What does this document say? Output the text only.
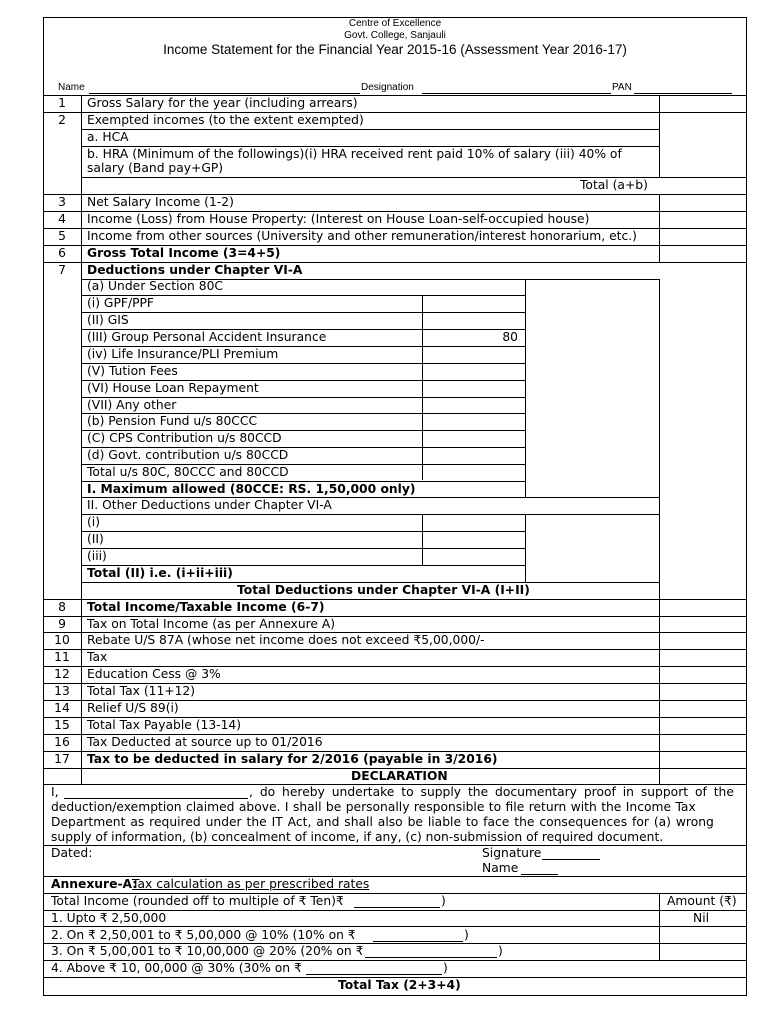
Centre of Excellence
Govt. College, Sanjauli
Income Statement for the Financial Year 2015-16 (Assessment Year 2016-17)
Name	Designation	PAN
1	Gross Salary for the year (including arrears)
2	Exempted incomes (to the extent exempted)
a. HCA
b. HRA (Minimum of the followings)(i) HRA received rent paid 10% of salary (iii) 40% of
salary (Band pay+GP)
Total (a+b)
3	Net Salary Income (1-2)
4	Income (Loss) from House Property: (Interest on House Loan-self-occupied house)
5	Income from other sources (University and other remuneration/interest honorarium, etc.)
6	Gross Total Income (3=4+5)
7	Deductions under Chapter VI-A
(a) Under Section 80C
(i) GPF/PPF
(II) GIS
(III) Group Personal Accident Insurance	80
(iv) Life Insurance/PLI Premium
(V) Tution Fees
(VI) House Loan Repayment
(VII) Any other
(b) Pension Fund u/s 80CCC
(C) CPS Contribution u/s 80CCD
(d) Govt. contribution u/s 80CCD
Total u/s 80C, 80CCC and 80CCD
I. Maximum allowed (80CCE: RS. 1,50,000 only)
II. Other Deductions under Chapter VI-A
(i)
(II)
(iii)
Total (II) i.e. (i+ii+iii)
Total Deductions under Chapter VI-A (I+II)
8	Total Income/Taxable Income (6-7)
9	Tax on Total Income (as per Annexure A)
10	Rebate U/S 87A (whose net income does not exceed ₹5,00,000/-
11	Tax
12	Education Cess @ 3%
13	Total Tax (11+12)
14	Relief U/S 89(i)
15	Total Tax Payable (13-14)
16	Tax Deducted at source up to 01/2016
17	Tax to be deducted in salary for 2/2016 (payable in 3/2016)
DECLARATION
I,	, do hereby undertake to supply the documentary proof in support of the
deduction/exemption claimed above. I shall be personally responsible to file return with the Income Tax
Department as required under the IT Act, and shall also be liable to face the consequences for (a) wrong
supply of information, (b) concealment of income, if any, (c) non-submission of required document.
Dated:	Signature
Name
Annexure-A:
Tax calculation as per prescribed rates
Total Income (rounded off to multiple of ₹ Ten)₹	)	Amount (₹)
1. Upto ₹ 2,50,000	Nil
2. On ₹ 2,50,001 to ₹ 5,00,000 @ 10% (10% on ₹	)
3. On ₹ 5,00,001 to ₹ 10,00,000 @ 20% (20% on ₹	)
4. Above ₹ 10, 00,000 @ 30% (30% on ₹	)
Total Tax (2+3+4)
